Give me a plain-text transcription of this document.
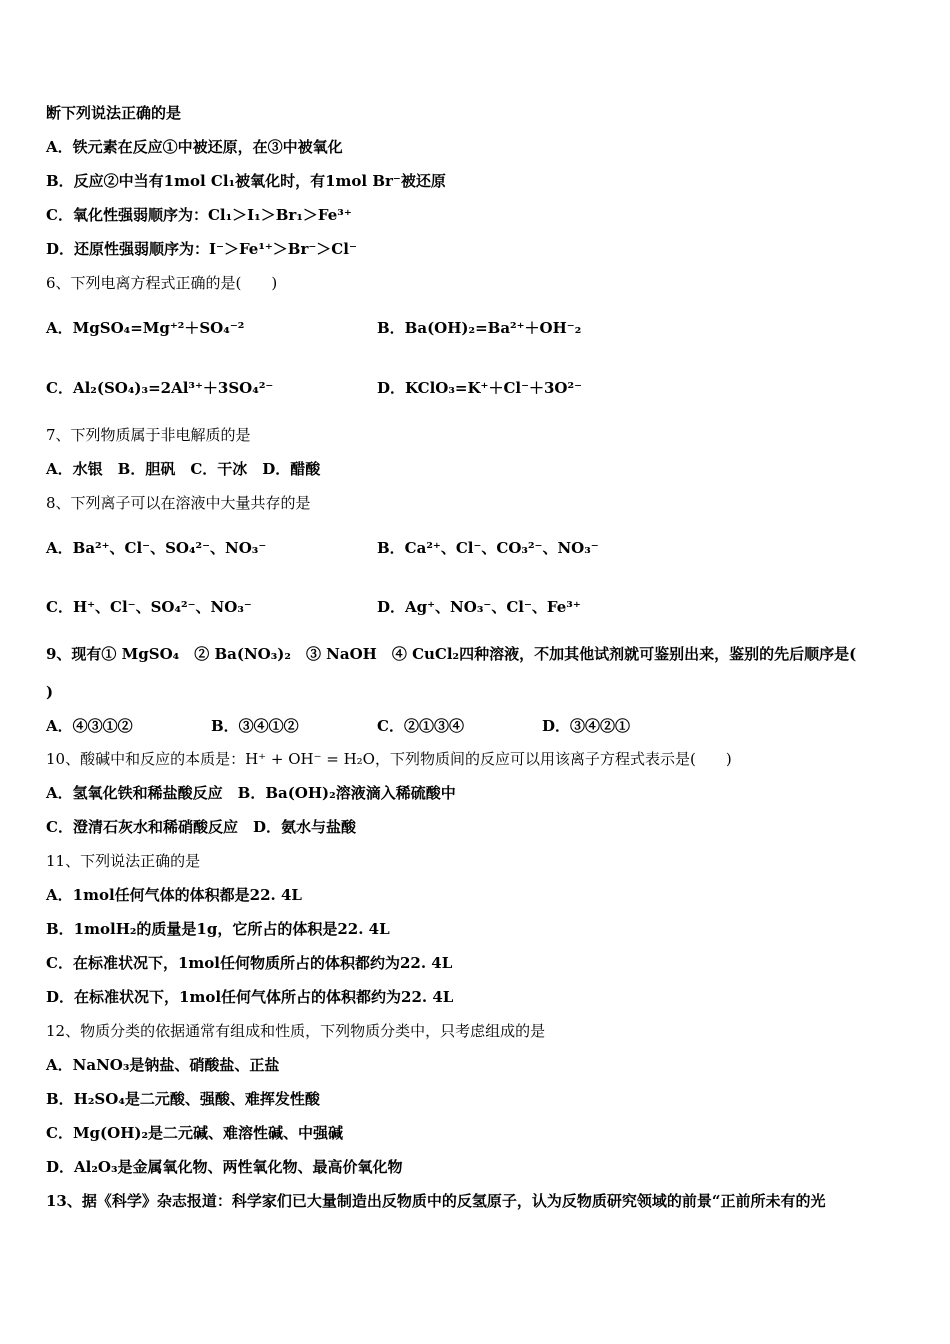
断下列说法正确的是
A．铁元素在反应①中被还原，在③中被氧化
B．反应②中当有1mol Cl₁被氧化时，有1mol Br⁻被还原
C．氧化性强弱顺序为：Cl₁＞I₁＞Br₁＞Fe³⁺
D．还原性强弱顺序为：I⁻＞Fe¹⁺＞Br⁻＞Cl⁻
6、下列电离方程式正确的是(　　)
A．MgSO₄=Mg⁺²＋SO₄⁻²	B．Ba(OH)₂=Ba²⁺＋OH⁻₂
C．Al₂(SO₄)₃=2Al³⁺＋3SO₄²⁻	D．KClO₃=K⁺＋Cl⁻＋3O²⁻
7、下列物质属于非电解质的是
A．水银　B．胆矾　C．干冰　D．醋酸
8、下列离子可以在溶液中大量共存的是
A．Ba²⁺、Cl⁻、SO₄²⁻、NO₃⁻	B．Ca²⁺、Cl⁻、CO₃²⁻、NO₃⁻
C．H⁺、Cl⁻、SO₄²⁻、NO₃⁻	D．Ag⁺、NO₃⁻、Cl⁻、Fe³⁺
9、现有① MgSO₄　② Ba(NO₃)₂　③ NaOH　④ CuCl₂四种溶液，不加其他试剂就可鉴别出来，鉴别的先后顺序是(
)
A．④③①②	B．③④①②	C．②①③④	D．③④②①
10、酸碱中和反应的本质是：H⁺ + OH⁻ = H₂O，下列物质间的反应可以用该离子方程式表示是(　　)
A．氢氧化铁和稀盐酸反应　B．Ba(OH)₂溶液滴入稀硫酸中
C．澄清石灰水和稀硝酸反应　D．氨水与盐酸
11、下列说法正确的是
A．1mol任何气体的体积都是22. 4L
B．1molH₂的质量是1g，它所占的体积是22. 4L
C．在标准状况下，1mol任何物质所占的体积都约为22. 4L
D．在标准状况下，1mol任何气体所占的体积都约为22. 4L
12、物质分类的依据通常有组成和性质，下列物质分类中，只考虑组成的是
A．NaNO₃是钠盐、硝酸盐、正盐
B．H₂SO₄是二元酸、强酸、难挥发性酸
C．Mg(OH)₂是二元碱、难溶性碱、中强碱
D．Al₂O₃是金属氧化物、两性氧化物、最高价氧化物
13、据《科学》杂志报道：科学家们已大量制造出反物质中的反氢原子，认为反物质研究领域的前景“正前所未有的光
